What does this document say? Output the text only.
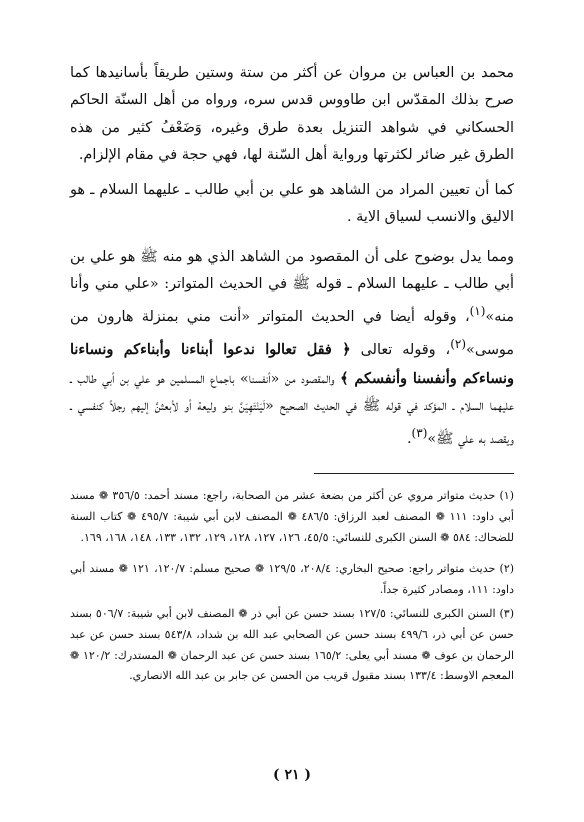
محمد بن العباس بن مروان عن أكثر من ستة وستين طريقاً بأسانيدها كما صرح بذلك المقدّس ابن طاووس قدس سره، ورواه من أهل السنّة الحاكم الحسكاني في شواهد التنزيل بعدة طرق وغيره، وَضَعْفُ كثير من هذه الطرق غير ضائر لكثرتها ورواية أهل السّنة لها، فهي حجة في مقام الإلزام.

كما أن تعيين المراد من الشاهد هو علي بن أبي طالب ـ عليهما السلام ـ هو الاليق والانسب لسياق الاية .

ومما يدل بوضوح على أن المقصود من الشاهد الذي هو منه ﷺ هو علي بن أبي طالب ـ عليهما السلام ـ قوله ﷺ في الحديث المتواتر: «علي مني وأنا منه»$^{(١)}$، وقوله أيضا في الحديث المتواتر «أنت مني بمنزلة هارون من موسى»$^{(٢)}$، وقوله تعالى ﴿ فقل تعالوا ندعوا أبناءنا وأبناءكم ونساءنا ونساءكم وأنفسنا وأنفسكم ﴾ والمقصود من «أنفسنا» باجماع المسلمين هو علي بن أبي طالب ـ عليهما السلام ـ المؤكد في قوله ﷺ في الحديث الصحيح «لَيَنْتَهِيَنَّ بنو وليعة أو لأبعثنَّ إليهم رجلاً كنفسي ـ ويقصد به علي ﷺ»$^{(٣)}$.

(١) حديث متواتر مروي عن أكثر من بضعة عشر من الصحابة، راجع: مسند أحمد: ٣٥٦/٥ ❁ مسند أبي داود: ١١١ ❁ المصنف لعبد الرزاق: ٤٨٦/٥ ❁ المصنف لابن أبي شيبة: ٤٩٥/٧ ❁ كتاب السنة للضحاك: ٥٨٤ ❁ السنن الكبرى للنسائي: ٤٥/٥، ١٢٦، ١٢٧، ١٢٨، ١٢٩، ١٣٢، ١٣٣، ١٤٨، ١٦٨، ١٦٩.

(٢) حديث متواتر راجع: صحيح البخاري: ٢٠٨/٤، ١٢٩/٥ ❁ صحيح مسلم: ١٢٠/٧، ١٢١ ❁ مسند أبي داود: ١١١، ومصادر كثيرة جداً.

(٣) السنن الكبرى للنسائي: ١٢٧/٥ بسند حسن عن أبي ذر ❁ المصنف لابن أبي شيبة: ٥٠٦/٧ بسند حسن عن أبي ذر، ٤٩٩/٦ بسند حسن عن الصحابي عبد الله بن شداد، ٥٤٣/٨ بسند حسن عن عبد الرحمان بن عوف ❁ مسند أبي يعلى: ١٦٥/٢ بسند حسن عن عبد الرحمان ❁ المستدرك: ١٢٠/٢ ❁ المعجم الاوسط: ١٣٣/٤ بسند مقبول قريب من الحسن عن جابر بن عبد الله الانصاري.

( ٢١ )
